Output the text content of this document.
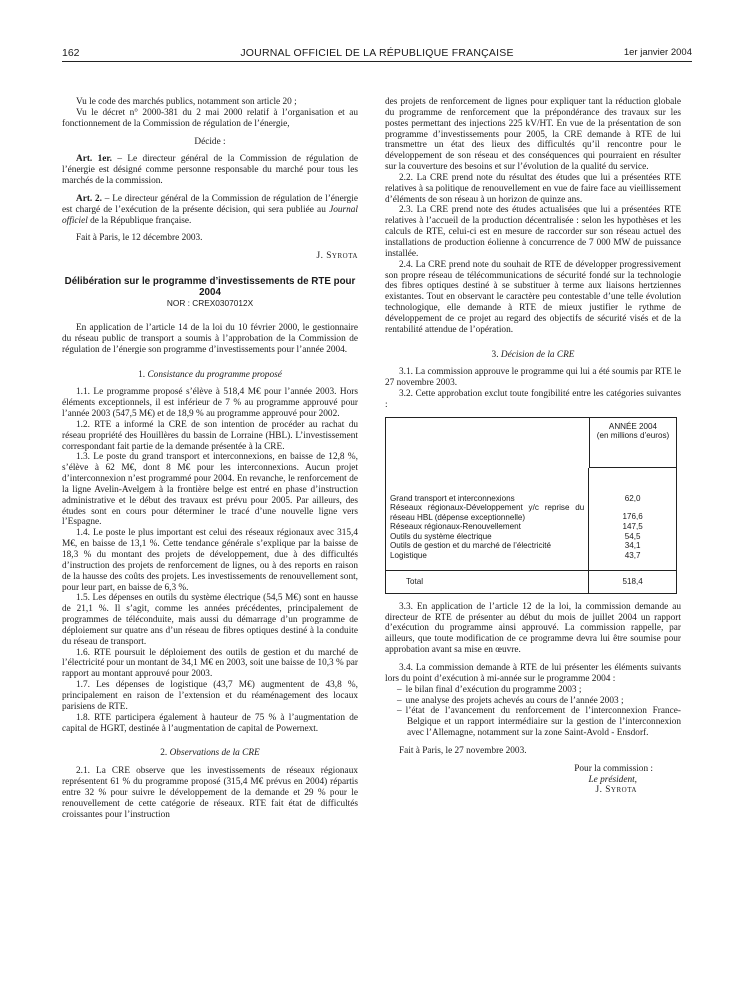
162	JOURNAL OFFICIEL DE LA RÉPUBLIQUE FRANÇAISE	1er janvier 2004

Vu le code des marchés publics, notamment son article 20 ;

Vu le décret n° 2000-381 du 2 mai 2000 relatif à l’organisation et au fonctionnement de la Commission de régulation de l’énergie,

Décide :

Art. 1er. – Le directeur général de la Commission de régulation de l’énergie est désigné comme personne responsable du marché pour tous les marchés de la commission.

Art. 2. – Le directeur général de la Commission de régulation de l’énergie est chargé de l’exécution de la présente décision, qui sera publiée au Journal officiel de la République française.

Fait à Paris, le 12 décembre 2003.

J. Syrota

Délibération sur le programme d’investissements de RTE pour 2004

NOR : CREX0307012X

En application de l’article 14 de la loi du 10 février 2000, le gestionnaire du réseau public de transport a soumis à l’approbation de la Commission de régulation de l’énergie son programme d’investissements pour l’année 2004.

1. Consistance du programme proposé

1.1. Le programme proposé s’élève à 518,4 M€ pour l’année 2003. Hors éléments exceptionnels, il est inférieur de 7 % au programme approuvé pour l’année 2003 (547,5 M€) et de 18,9 % au programme approuvé pour 2002.

1.2. RTE a informé la CRE de son intention de procéder au rachat du réseau propriété des Houillères du bassin de Lorraine (HBL). L’investissement correspondant fait partie de la demande présentée à la CRE.

1.3. Le poste du grand transport et interconnexions, en baisse de 12,8 %, s’élève à 62 M€, dont 8 M€ pour les interconnexions. Aucun projet d’interconnexion n’est programmé pour 2004. En revanche, le renforcement de la ligne Avelin-Avelgem à la frontière belge est entré en phase d’instruction administrative et le début des travaux est prévu pour 2005. Par ailleurs, des études sont en cours pour déterminer le tracé d’une nouvelle ligne vers l’Espagne.

1.4. Le poste le plus important est celui des réseaux régionaux avec 315,4 M€, en baisse de 13,1 %. Cette tendance générale s’explique par la baisse de 18,3 % du montant des projets de développement, due à des difficultés d’instruction des projets de renforcement de lignes, ou à des reports en raison de la hausse des coûts des projets. Les investissements de renouvellement sont, pour leur part, en baisse de 6,3 %.

1.5. Les dépenses en outils du système électrique (54,5 M€) sont en hausse de 21,1 %. Il s’agit, comme les années précédentes, principalement de programmes de téléconduite, mais aussi du démarrage d’un programme de déploiement sur quatre ans d’un réseau de fibres optiques destiné à la conduite du réseau de transport.

1.6. RTE poursuit le déploiement des outils de gestion et du marché de l’électricité pour un montant de 34,1 M€ en 2003, soit une baisse de 10,3 % par rapport au montant approuvé pour 2003.

1.7. Les dépenses de logistique (43,7 M€) augmentent de 43,8 %, principalement en raison de l’extension et du réaménagement des locaux parisiens de RTE.

1.8. RTE participera également à hauteur de 75 % à l’augmentation de capital de HGRT, destinée à l’augmentation de capital de Powernext.

2. Observations de la CRE

2.1. La CRE observe que les investissements de réseaux régionaux représentent 61 % du programme proposé (315,4 M€ prévus en 2004) répartis entre 32 % pour suivre le développement de la demande et 29 % pour le renouvellement de cette catégorie de réseaux. RTE fait état de difficultés croissantes pour l’instruction

des projets de renforcement de lignes pour expliquer tant la réduction globale du programme de renforcement que la prépondérance des travaux sur les postes permettant des injections 225 kV/HT. En vue de la présentation de son programme d’investissements pour 2005, la CRE demande à RTE de lui transmettre un état des lieux des difficultés qu’il rencontre pour le développement de son réseau et des conséquences qui pourraient en résulter sur la couverture des besoins et sur l’évolution de la qualité du service.

2.2. La CRE prend note du résultat des études que lui a présentées RTE relatives à sa politique de renouvellement en vue de faire face au vieillissement d’éléments de son réseau à un horizon de quinze ans.

2.3. La CRE prend note des études actualisées que lui a présentées RTE relatives à l’accueil de la production décentralisée : selon les hypothèses et les calculs de RTE, celui-ci est en mesure de raccorder sur son réseau actuel des installations de production éolienne à concurrence de 7 000 MW de puissance installée.

2.4. La CRE prend note du souhait de RTE de développer progressivement son propre réseau de télécommunications de sécurité fondé sur la technologie des fibres optiques destiné à se substituer à terme aux liaisons hertziennes existantes. Tout en observant le caractère peu contestable d’une telle évolution technologique, elle demande à RTE de mieux justifier le rythme de développement de ce projet au regard des objectifs de sécurité visés et de la rentabilité attendue de l’opération.

3. Décision de la CRE

3.1. La commission approuve le programme qui lui a été soumis par RTE le 27 novembre 2003.

3.2. Cette approbation exclut toute fongibilité entre les catégories suivantes :

ANNÉE 2004
(en millions d’euros)
Grand transport et interconnexions	62,0
Réseaux régionaux-Développement y/c reprise du réseau HBL (dépense exceptionnelle)	176,6
Réseaux régionaux-Renouvellement	147,5
Outils du système électrique	54,5
Outils de gestion et du marché de l’électricité	34,1
Logistique	43,7
Total	518,4

3.3. En application de l’article 12 de la loi, la commission demande au directeur de RTE de présenter au début du mois de juillet 2004 un rapport d’exécution du programme ainsi approuvé. La commission rappelle, par ailleurs, que toute modification de ce programme devra lui être soumise pour approbation avant sa mise en œuvre.

3.4. La commission demande à RTE de lui présenter les éléments suivants lors du point d’exécution à mi-année sur le programme 2004 :

– le bilan final d’exécution du programme 2003 ;

– une analyse des projets achevés au cours de l’année 2003 ;

– l’état de l’avancement du renforcement de l’interconnexion France-Belgique et un rapport intermédiaire sur la gestion de l’interconnexion avec l’Allemagne, notamment sur la zone Saint-Avold - Ensdorf.

Fait à Paris, le 27 novembre 2003.

Pour la commission :

Le président,

J. Syrota
